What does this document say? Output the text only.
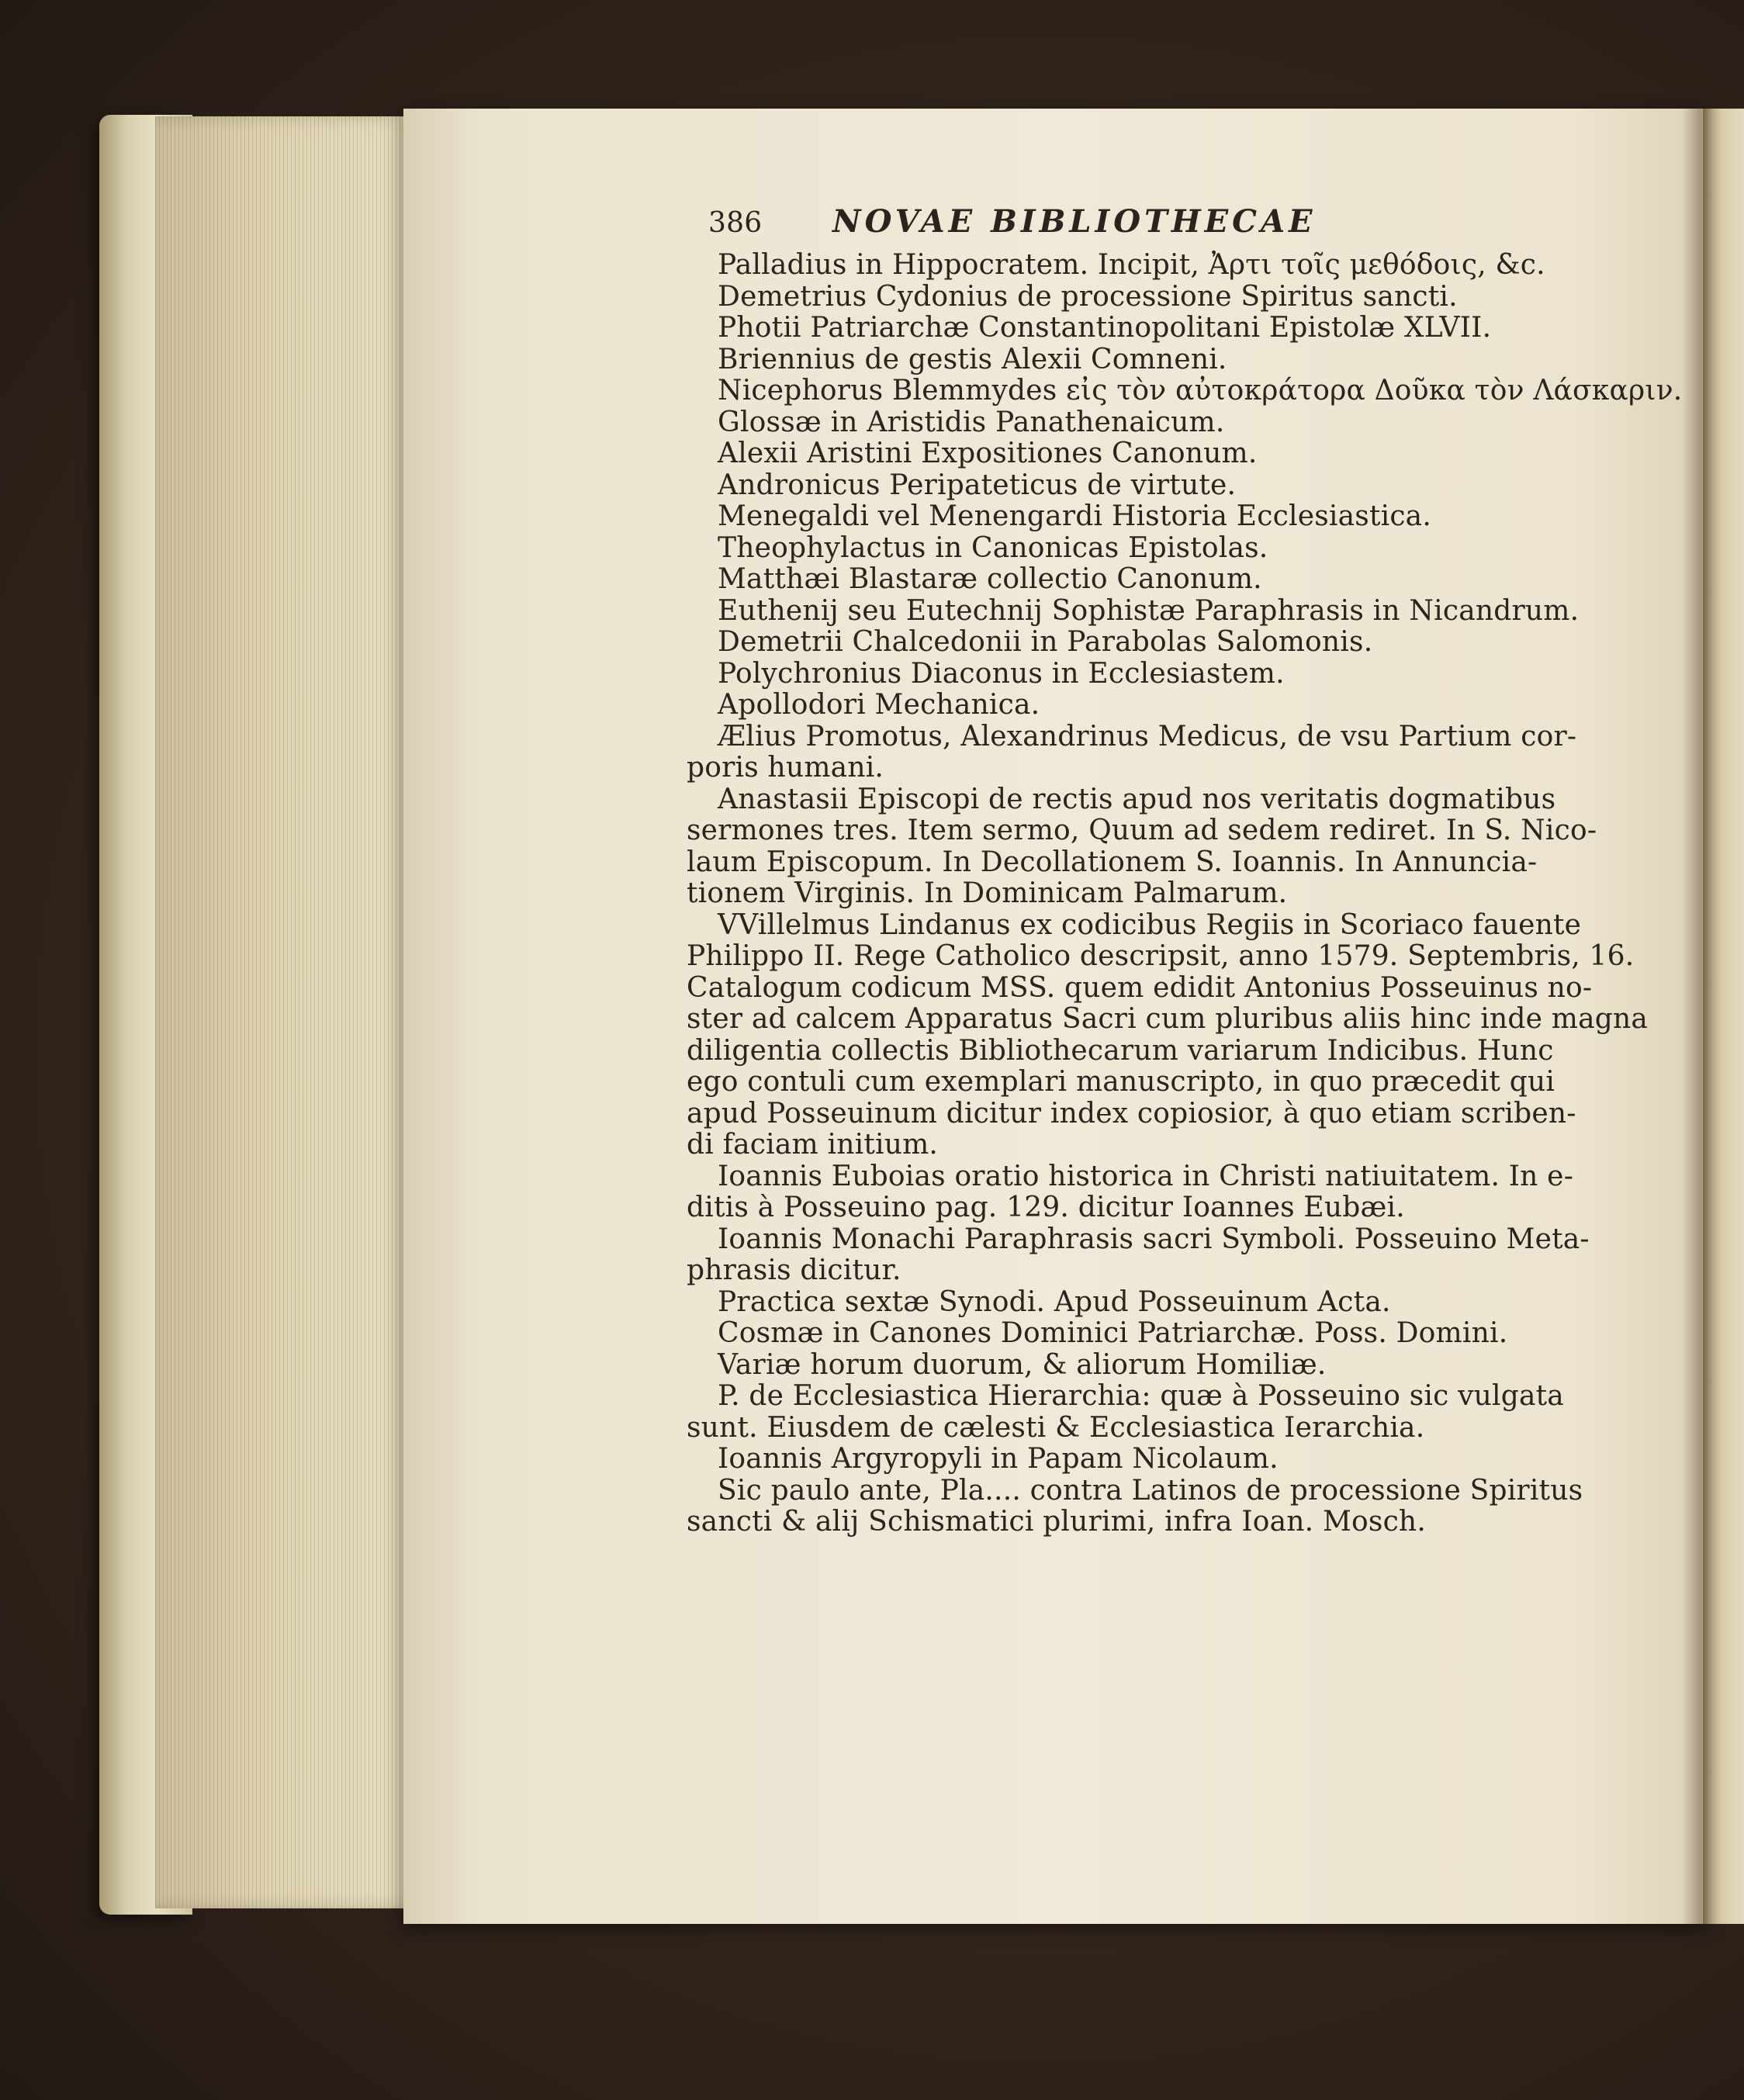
386 NOVAE BIBLIOTHECAE
Palladius in Hippocratem. Incipit, Ἀρτι τοῖς μεθόδοις, &c.
Demetrius Cydonius de processione Spiritus sancti.
Photii Patriarchæ Constantinopolitani Epistolæ XLVII.
Briennius de gestis Alexii Comneni.
Nicephorus Blemmydes εἰς τὸν αὐτοκράτορα Δοῦκα τὸν Λάσκαριν.
Glossæ in Aristidis Panathenaicum.
Alexii Aristini Expositiones Canonum.
Andronicus Peripateticus de virtute.
Menegaldi vel Menengardi Historia Ecclesiastica.
Theophylactus in Canonicas Epistolas.
Matthæi Blastaræ collectio Canonum.
Euthenij seu Eutechnij Sophistæ Paraphrasis in Nicandrum.
Demetrii Chalcedonii in Parabolas Salomonis.
Polychronius Diaconus in Ecclesiastem.
Apollodori Mechanica.
Ælius Promotus, Alexandrinus Medicus, de vsu Partium cor-
poris humani.
Anastasii Episcopi de rectis apud nos veritatis dogmatibus
sermones tres. Item sermo, Quum ad sedem rediret. In S. Nico-
laum Episcopum. In Decollationem S. Ioannis. In Annuncia-
tionem Virginis. In Dominicam Palmarum.
VVillelmus Lindanus ex codicibus Regiis in Scoriaco fauente
Philippo II. Rege Catholico descripsit, anno 1579. Septembris, 16.
Catalogum codicum MSS. quem edidit Antonius Posseuinus no-
ster ad calcem Apparatus Sacri cum pluribus aliis hinc inde magna
diligentia collectis Bibliothecarum variarum Indicibus. Hunc
ego contuli cum exemplari manuscripto, in quo præcedit qui
apud Posseuinum dicitur index copiosior, à quo etiam scriben-
di faciam initium.
Ioannis Euboias oratio historica in Christi natiuitatem. In e-
ditis à Posseuino pag. 129. dicitur Ioannes Eubæi.
Ioannis Monachi Paraphrasis sacri Symboli. Posseuino Meta-
phrasis dicitur.
Practica sextæ Synodi. Apud Posseuinum Acta.
Cosmæ in Canones Dominici Patriarchæ. Poss. Domini.
Variæ horum duorum, & aliorum Homiliæ.
P. de Ecclesiastica Hierarchia: quæ à Posseuino sic vulgata
sunt. Eiusdem de cælesti & Ecclesiastica Ierarchia.
Ioannis Argyropyli in Papam Nicolaum.
Sic paulo ante, Pla.... contra Latinos de processione Spiritus
sancti & alij Schismatici plurimi, infra Ioan. Mosch.
